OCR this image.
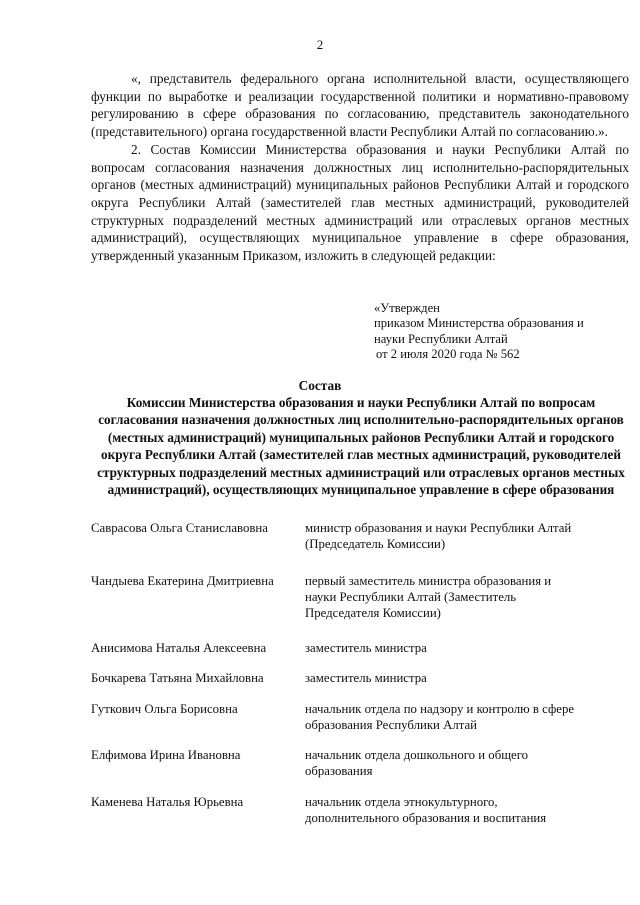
2

«, представитель федерального органа исполнительной власти, осуществляющего функции по выработке и реализации государственной политики и нормативно-правовому регулированию в сфере образования по согласованию, представитель законодательного (представительного) органа государственной власти Республики Алтай по согласованию.».

2. Состав Комиссии Министерства образования и науки Республики Алтай по вопросам согласования назначения должностных лиц исполнительно-распорядительных органов (местных администраций) муниципальных районов Республики Алтай и городского округа Республики Алтай (заместителей глав местных администраций, руководителей структурных подразделений местных администраций или отраслевых органов местных администраций), осуществляющих муниципальное управление в сфере образования, утвержденный указанным Приказом, изложить в следующей редакции:

«Утвержден
приказом Министерства образования и
науки Республики Алтай
от 2 июля 2020 года № 562
Состав
Комиссии Министерства образования и науки Республики Алтай по вопросам согласования назначения должностных лиц исполнительно-распорядительных органов (местных администраций) муниципальных районов Республики Алтай и городского округа Республики Алтай (заместителей глав местных администраций, руководителей структурных подразделений местных администраций или отраслевых органов местных администраций), осуществляющих муниципальное управление в сфере образования
Саврасова Ольга Станиславовна	министр образования и науки Республики Алтай (Председатель Комиссии)
Чандыева Екатерина Дмитриевна	первый заместитель министра образования и науки Республики Алтай (Заместитель Председателя Комиссии)
Анисимова Наталья Алексеевна	заместитель министра
Бочкарева Татьяна Михайловна	заместитель министра
Гуткович Ольга Борисовна	начальник отдела по надзору и контролю в сфере образования Республики Алтай
Елфимова Ирина Ивановна	начальник отдела дошкольного и общего образования
Каменева Наталья Юрьевна	начальник отдела этнокультурного, дополнительного образования и воспитания
